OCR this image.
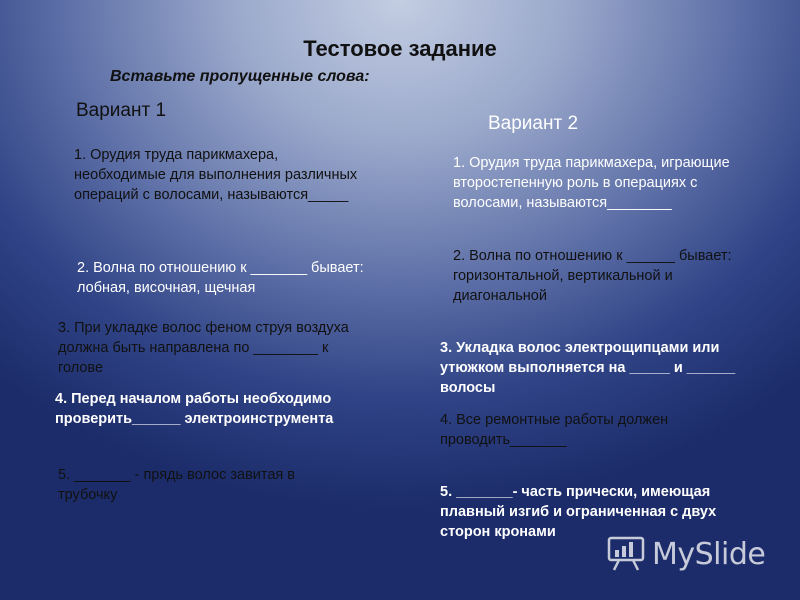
Тестовое задание
Вставьте пропущенные слова:
Вариант 1
Вариант 2
1. Орудия труда парикмахера, необходимые для выполнения различных операций с волосами, называются_____
2. Волна по отношению к _______ бывает: лобная, височная, щечная
3. При укладке волос феном струя воздуха должна быть направлена по ________ к голове
4. Перед началом работы необходимо проверить______ электроинструмента
5. _______ - прядь волос завитая в трубочку
1. Орудия труда парикмахера, играющие второстепенную роль в операциях с волосами, называются________
2. Волна по отношению к ______ бывает: горизонтальной, вертикальной и диагональной
3. Укладка волос электрощипцами или утюжком выполняется на _____ и ______ волосы
4. Все ремонтные работы должен проводить_______
5. _______- часть прически, имеющая плавный изгиб и ограниченная с двух сторон кронами
MySlide
